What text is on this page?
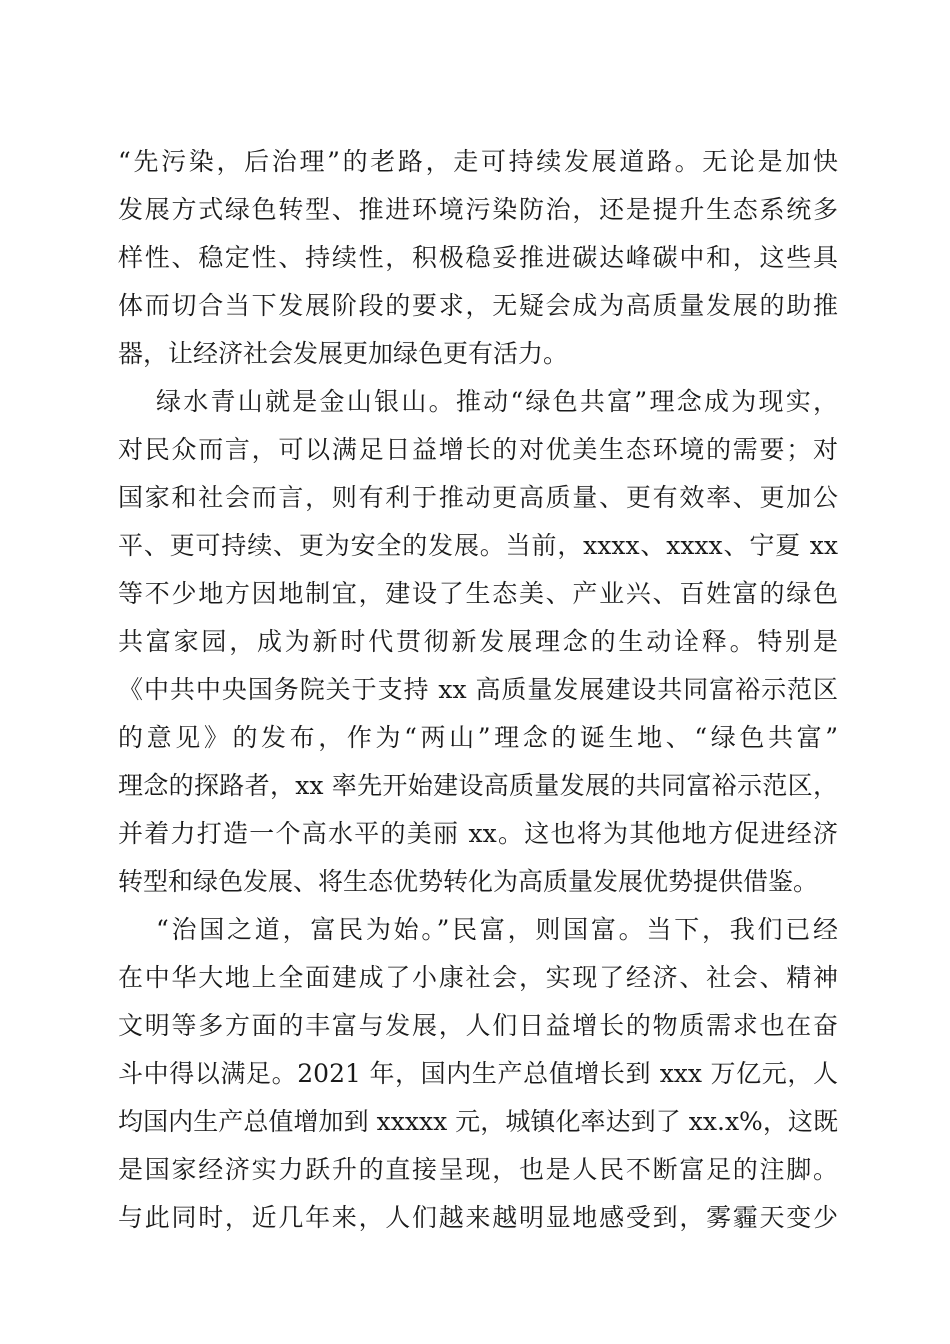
“先污染，后治理”的老路，走可持续发展道路。无论是加快
发展方式绿色转型、推进环境污染防治，还是提升生态系统多
样性、稳定性、持续性，积极稳妥推进碳达峰碳中和，这些具
体而切合当下发展阶段的要求，无疑会成为高质量发展的助推
器，让经济社会发展更加绿色更有活力。
绿水青山就是金山银山。推动“绿色共富”理念成为现实，
对民众而言，可以满足日益增长的对优美生态环境的需要；对
国家和社会而言，则有利于推动更高质量、更有效率、更加公
平、更可持续、更为安全的发展。当前，xxxx、xxxx、宁夏 xx
等不少地方因地制宜，建设了生态美、产业兴、百姓富的绿色
共富家园，成为新时代贯彻新发展理念的生动诠释。特别是
《中共中央国务院关于支持 xx 高质量发展建设共同富裕示范区
的意见》的发布，作为“两山”理念的诞生地、“绿色共富”
理念的探路者，xx 率先开始建设高质量发展的共同富裕示范区，
并着力打造一个高水平的美丽 xx。这也将为其他地方促进经济
转型和绿色发展、将生态优势转化为高质量发展优势提供借鉴。
“治国之道，富民为始。”民富，则国富。当下，我们已经
在中华大地上全面建成了小康社会，实现了经济、社会、精神
文明等多方面的丰富与发展，人们日益增长的物质需求也在奋
斗中得以满足。2021 年，国内生产总值增长到 xxx 万亿元，人
均国内生产总值增加到 xxxxx 元，城镇化率达到了 xx.x%，这既
是国家经济实力跃升的直接呈现，也是人民不断富足的注脚。
与此同时，近几年来，人们越来越明显地感受到，雾霾天变少
